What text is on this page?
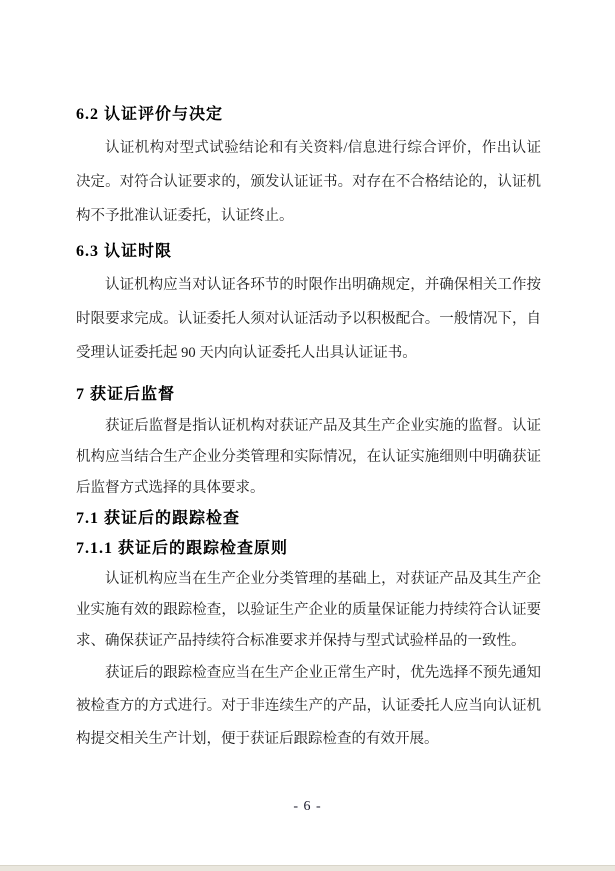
6.2 认证评价与决定

认证机构对型式试验结论和有关资料/信息进行综合评价，作出认证决定。对符合认证要求的，颁发认证证书。对存在不合格结论的，认证机构不予批准认证委托，认证终止。

6.3 认证时限

认证机构应当对认证各环节的时限作出明确规定，并确保相关工作按时限要求完成。认证委托人须对认证活动予以积极配合。一般情况下，自受理认证委托起 90 天内向认证委托人出具认证证书。

7 获证后监督

获证后监督是指认证机构对获证产品及其生产企业实施的监督。认证机构应当结合生产企业分类管理和实际情况，在认证实施细则中明确获证后监督方式选择的具体要求。

7.1 获证后的跟踪检查
7.1.1 获证后的跟踪检查原则

认证机构应当在生产企业分类管理的基础上，对获证产品及其生产企业实施有效的跟踪检查，以验证生产企业的质量保证能力持续符合认证要求、确保获证产品持续符合标准要求并保持与型式试验样品的一致性。

获证后的跟踪检查应当在生产企业正常生产时，优先选择不预先通知被检查方的方式进行。对于非连续生产的产品，认证委托人应当向认证机构提交相关生产计划，便于获证后跟踪检查的有效开展。

- 6 -
